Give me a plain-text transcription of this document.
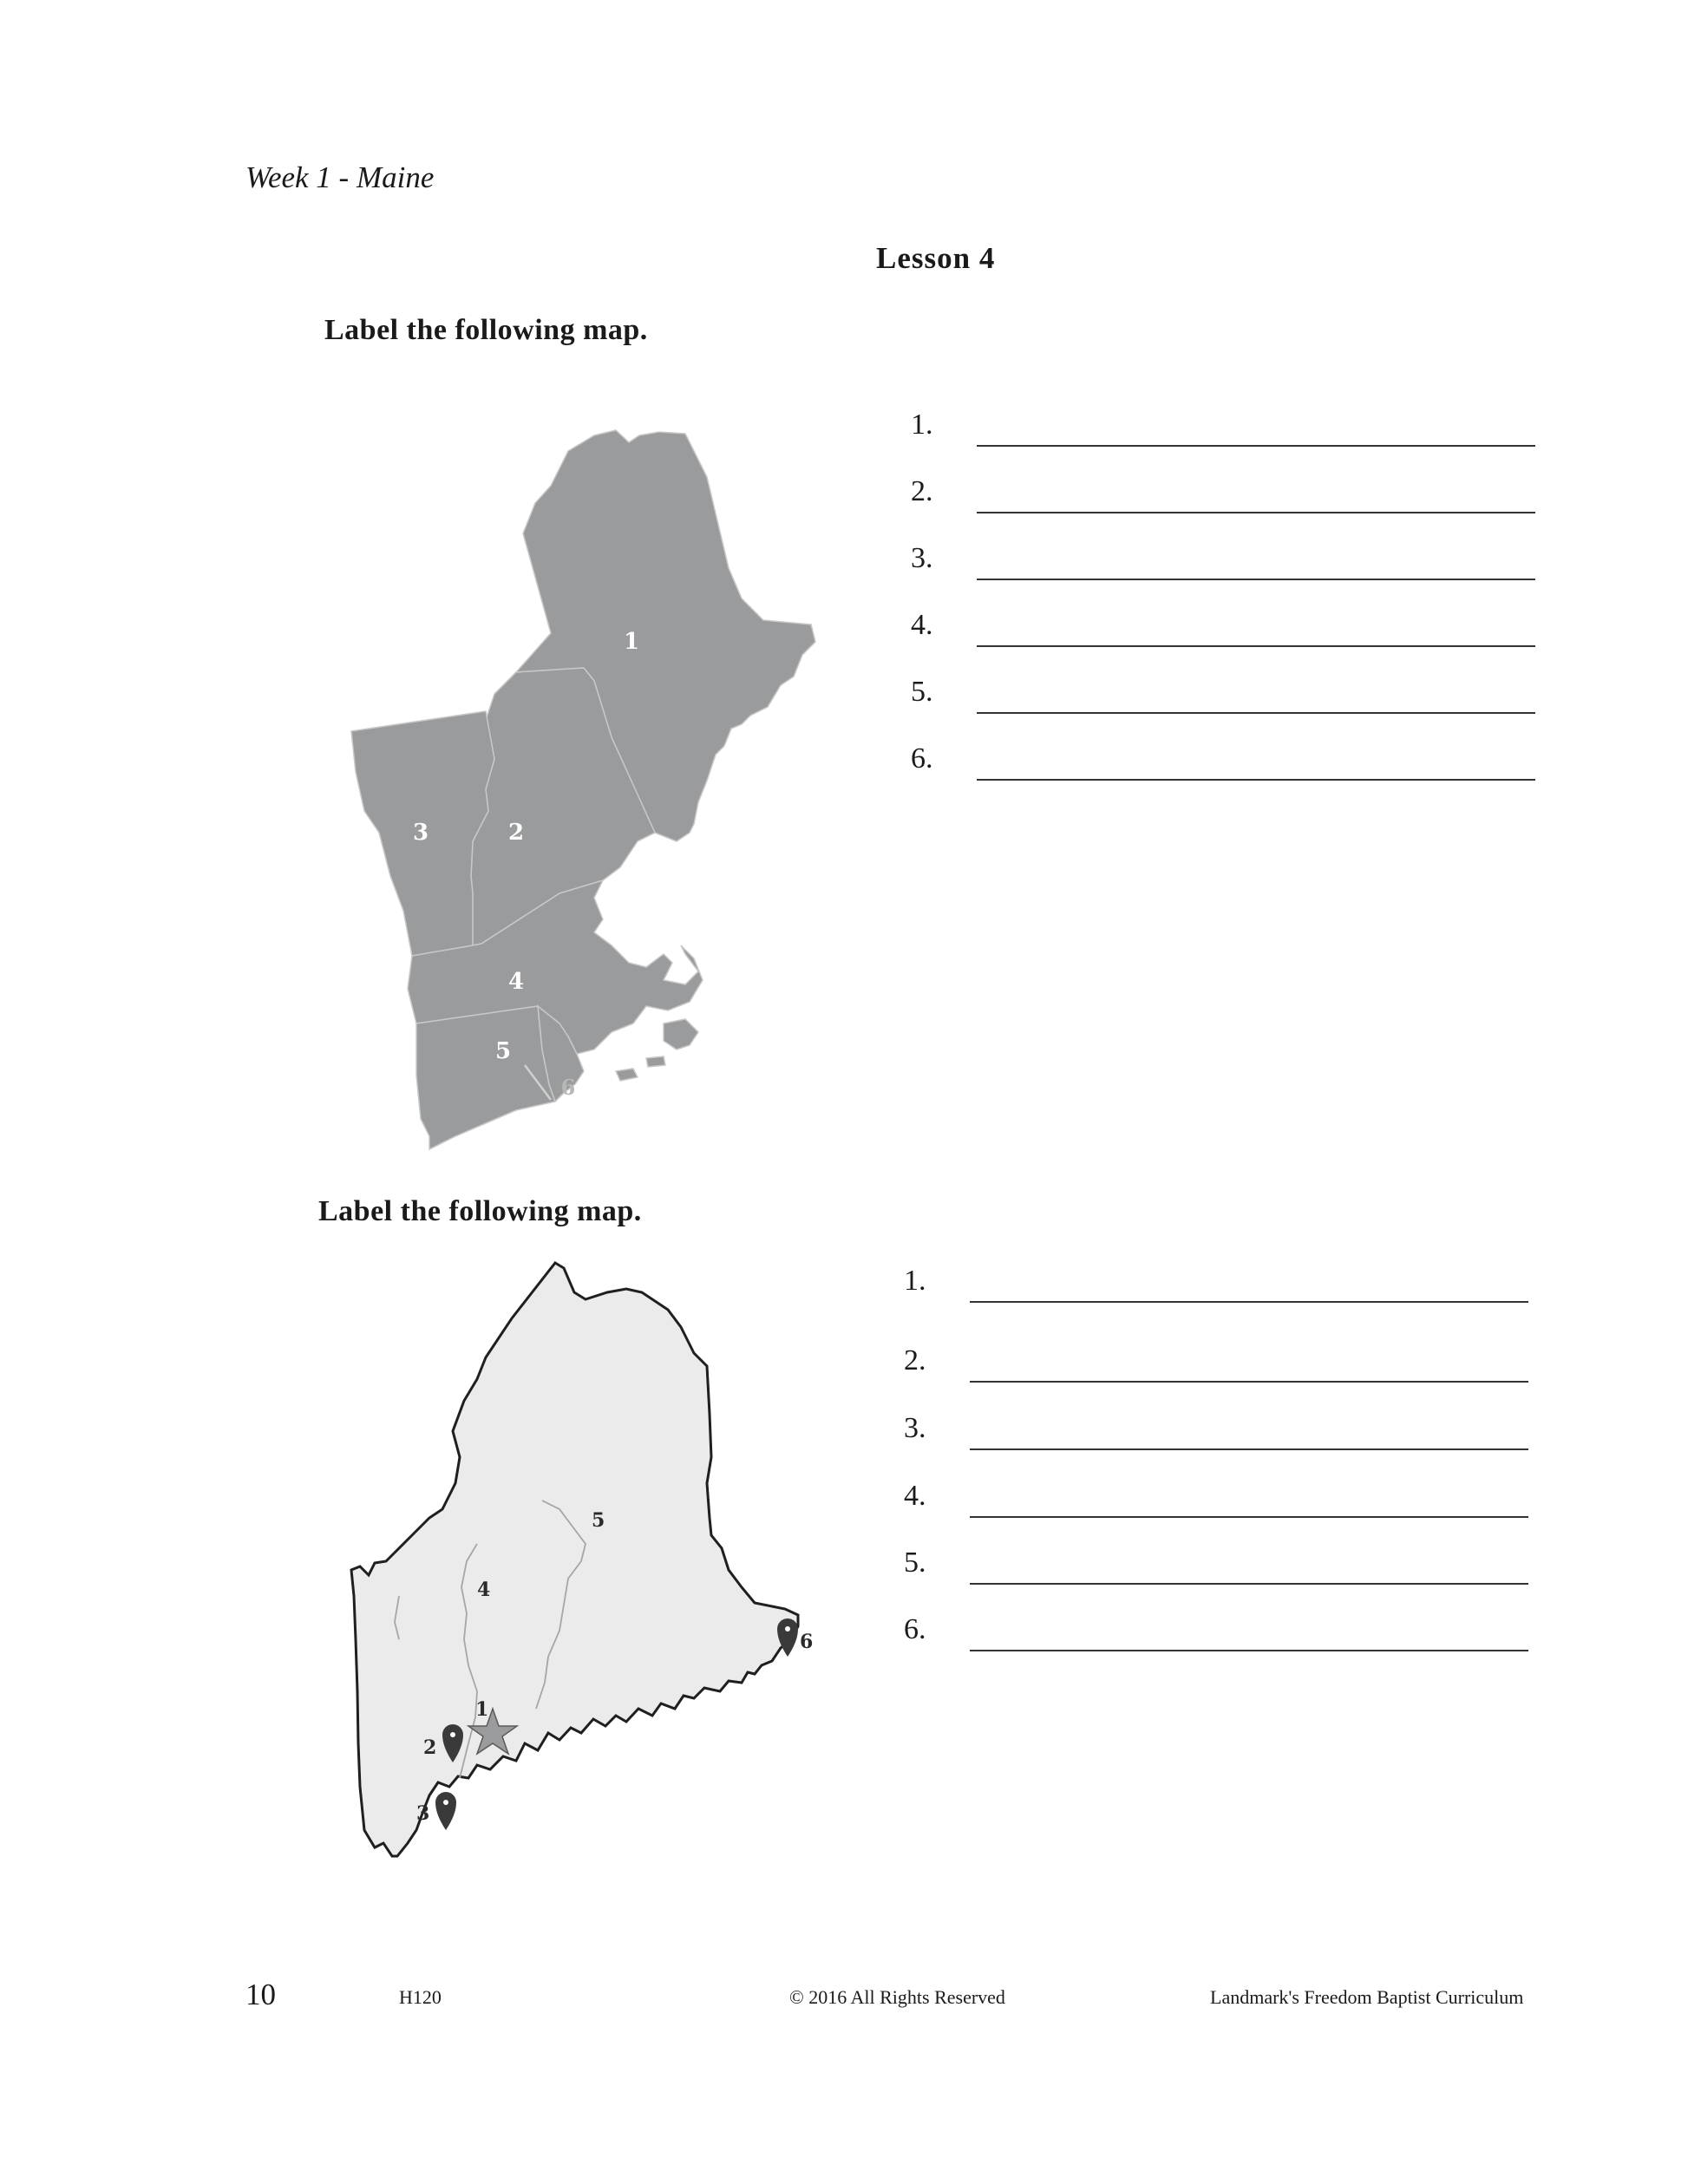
Week 1 - Maine
Lesson 4
Label the following map.
1
2
3
4
5
6
1.
2.
3.
4.
5.
6.
Label the following map.
1
2
3
4
5
6
1.
2.
3.
4.
5.
6.
10	H120	© 2016 All Rights Reserved	Landmark's Freedom Baptist Curriculum
